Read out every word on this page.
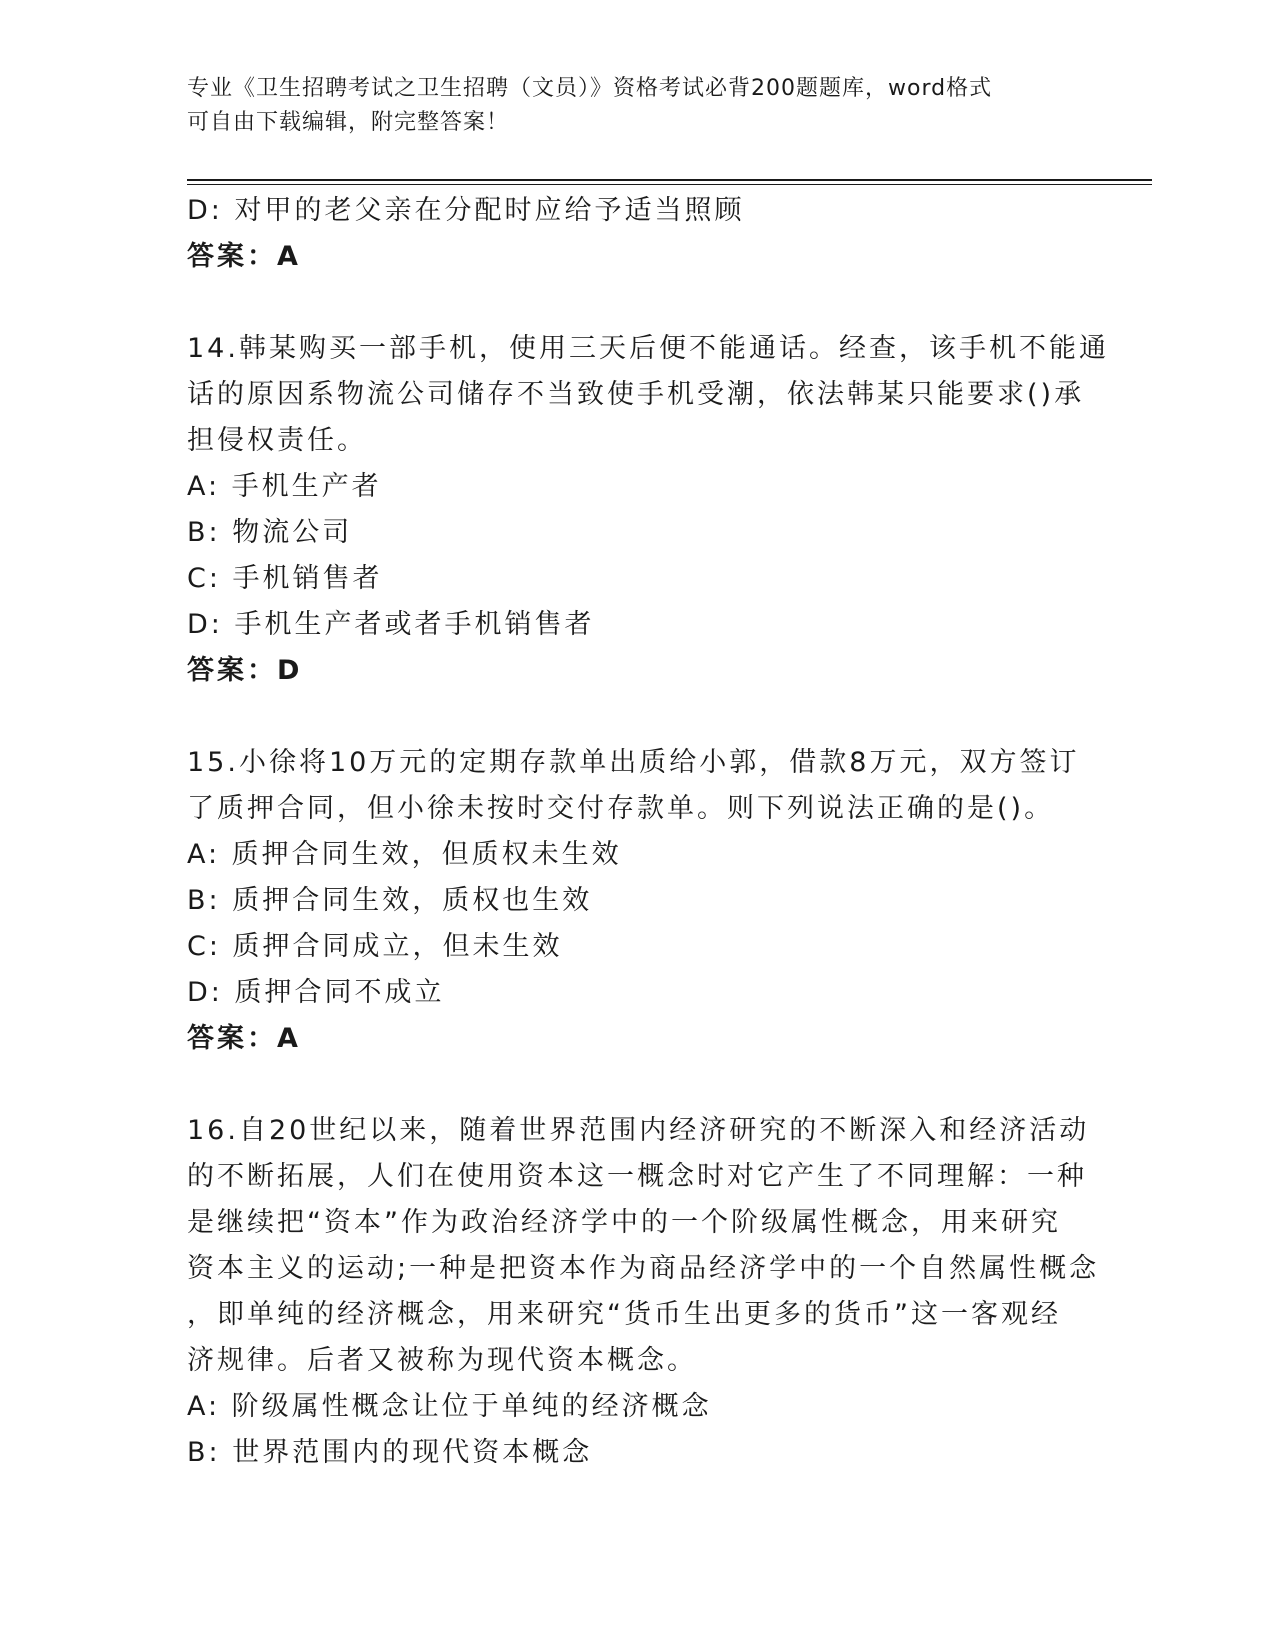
专业《卫生招聘考试之卫生招聘（文员）》资格考试必背200题题库，word格式
可自由下载编辑，附完整答案！
D: 对甲的老父亲在分配时应给予适当照顾
答案：A
14.韩某购买一部手机，使用三天后便不能通话。经查，该手机不能通
话的原因系物流公司储存不当致使手机受潮，依法韩某只能要求()承
担侵权责任。
A: 手机生产者
B: 物流公司
C: 手机销售者
D: 手机生产者或者手机销售者
答案：D
15.小徐将10万元的定期存款单出质给小郭，借款8万元，双方签订
了质押合同，但小徐未按时交付存款单。则下列说法正确的是()。
A: 质押合同生效，但质权未生效
B: 质押合同生效，质权也生效
C: 质押合同成立，但未生效
D: 质押合同不成立
答案：A
16.自20世纪以来，随着世界范围内经济研究的不断深入和经济活动
的不断拓展，人们在使用资本这一概念时对它产生了不同理解：一种
是继续把“资本”作为政治经济学中的一个阶级属性概念，用来研究
资本主义的运动;一种是把资本作为商品经济学中的一个自然属性概念
，即单纯的经济概念，用来研究“货币生出更多的货币”这一客观经
济规律。后者又被称为现代资本概念。
A: 阶级属性概念让位于单纯的经济概念
B: 世界范围内的现代资本概念
